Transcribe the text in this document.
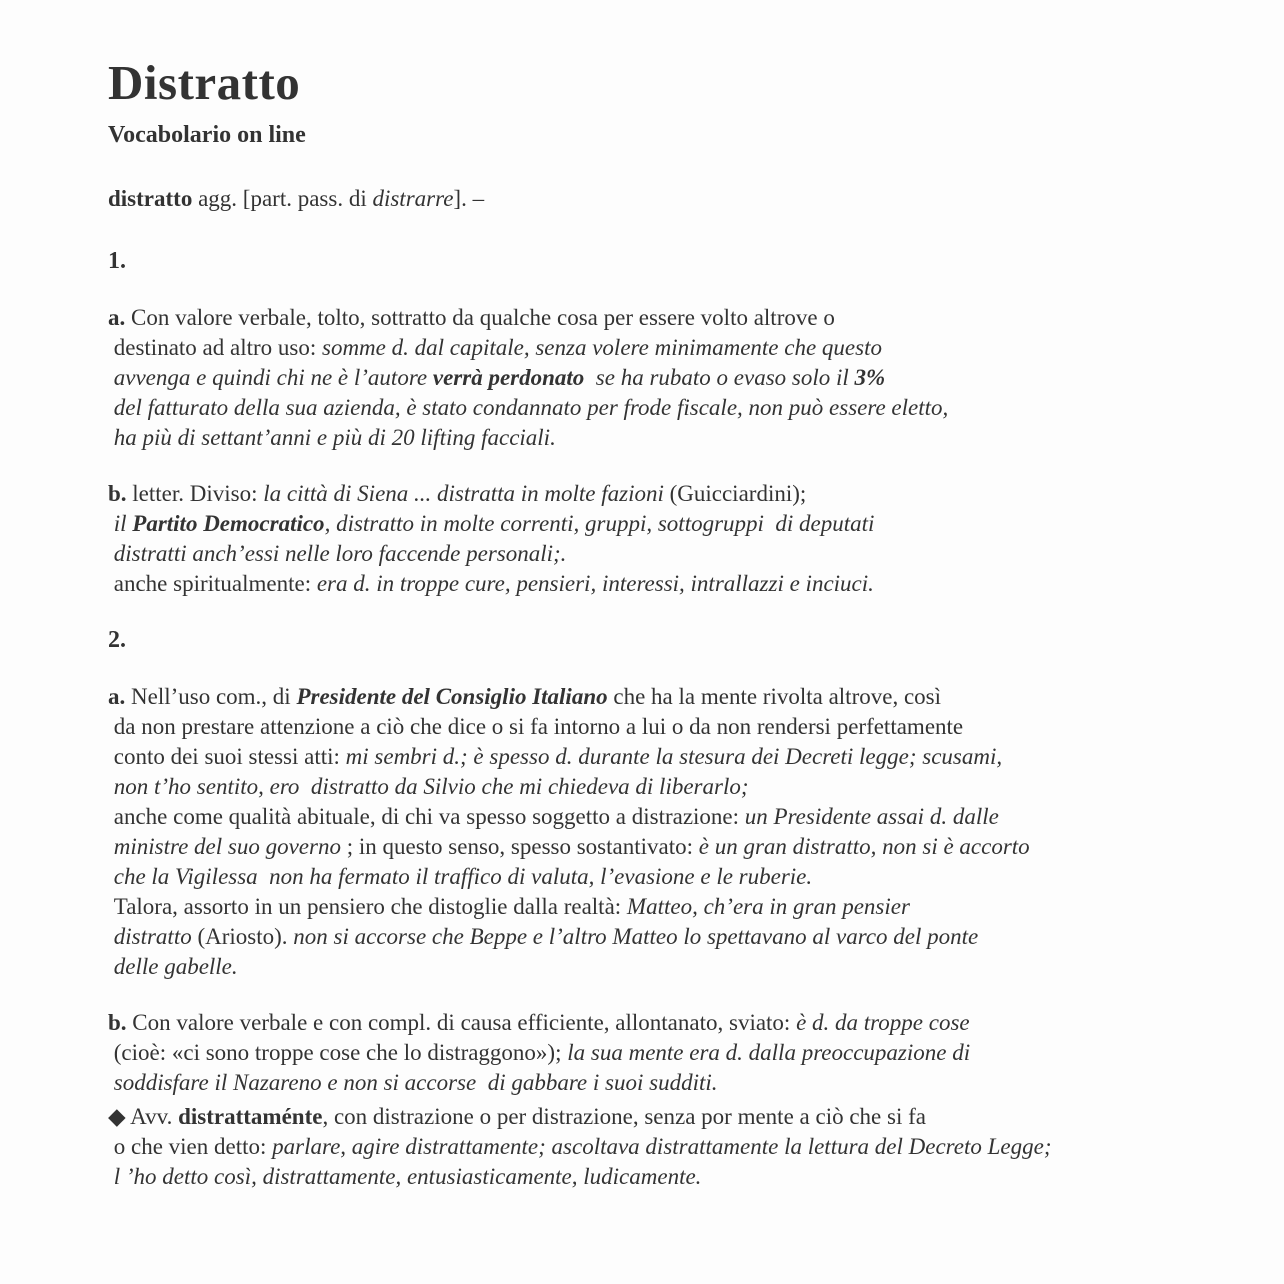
Distratto
Vocabolario on line

distratto agg. [part. pass. di distrarre]. –

1.

a. Con valore verbale, tolto, sottratto da qualche cosa per essere volto altrove o
destinato ad altro uso: somme d. dal capitale, senza volere minimamente che questo
avvenga e quindi chi ne è l’autore verrà perdonato  se ha rubato o evaso solo il 3%
del fatturato della sua azienda, è stato condannato per frode fiscale, non può essere eletto,
ha più di settant’anni e più di 20 lifting facciali.

b. letter. Diviso: la città di Siena ... distratta in molte fazioni (Guicciardini);
il Partito Democratico, distratto in molte correnti, gruppi, sottogruppi  di deputati
distratti anch’essi nelle loro faccende personali;.
anche spiritualmente: era d. in troppe cure, pensieri, interessi, intrallazzi e inciuci.

2.

a. Nell’uso com., di Presidente del Consiglio Italiano che ha la mente rivolta altrove, così
da non prestare attenzione a ciò che dice o si fa intorno a lui o da non rendersi perfettamente
conto dei suoi stessi atti: mi sembri d.; è spesso d. durante la stesura dei Decreti legge; scusami,
non t’ho sentito, ero  distratto da Silvio che mi chiedeva di liberarlo;
anche come qualità abituale, di chi va spesso soggetto a distrazione: un Presidente assai d. dalle
ministre del suo governo ; in questo senso, spesso sostantivato: è un gran distratto, non si è accorto
che la Vigilessa  non ha fermato il traffico di valuta, l’evasione e le ruberie.
Talora, assorto in un pensiero che distoglie dalla realtà: Matteo, ch’era in gran pensier
distratto (Ariosto). non si accorse che Beppe e l’altro Matteo lo spettavano al varco del ponte
delle gabelle.

b. Con valore verbale e con compl. di causa efficiente, allontanato, sviato: è d. da troppe cose
(cioè: «ci sono troppe cose che lo distraggono»); la sua mente era d. dalla preoccupazione di
soddisfare il Nazareno e non si accorse  di gabbare i suoi sudditi.

◆ Avv. distrattaménte, con distrazione o per distrazione, senza por mente a ciò che si fa
o che vien detto: parlare, agire distrattamente; ascoltava distrattamente la lettura del Decreto Legge;
l ’ho detto così, distrattamente, entusiasticamente, ludicamente.
